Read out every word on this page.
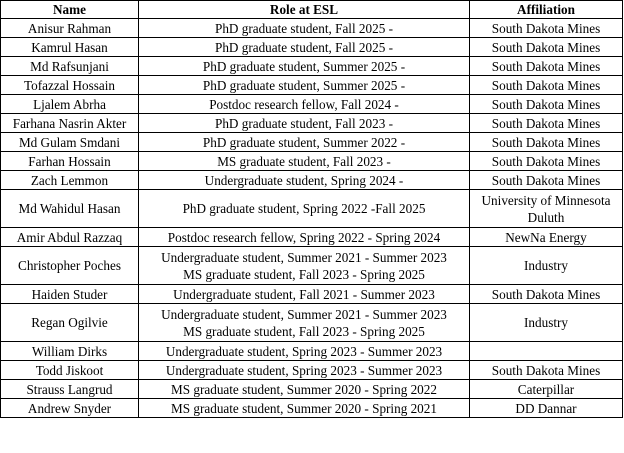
Name	Role at ESL	Affiliation
Anisur Rahman	PhD graduate student, Fall 2025 -	South Dakota Mines

Kamrul Hasan	PhD graduate student, Fall 2025 -	South Dakota Mines

Md Rafsunjani	PhD graduate student, Summer 2025 -	South Dakota Mines

Tofazzal Hossain	PhD graduate student, Summer 2025 -	South Dakota Mines

Ljalem Abrha	Postdoc research fellow, Fall 2024 -	South Dakota Mines

Farhana Nasrin Akter	PhD graduate student, Fall 2023 -	South Dakota Mines

Md Gulam Smdani	PhD graduate student, Summer 2022 -	South Dakota Mines

Farhan Hossain	MS graduate student, Fall 2023 -	South Dakota Mines

Zach Lemmon	Undergraduate student, Spring 2024 -	South Dakota Mines

Md Wahidul Hasan	PhD graduate student, Spring 2022 -Fall 2025	University of Minnesota
Duluth

Amir Abdul Razzaq	Postdoc research fellow, Spring 2022 - Spring 2024	NewNa Energy

Christopher Poches	Undergraduate student, Summer 2021 - Summer 2023
MS graduate student, Fall 2023 - Spring 2025	Industry

Haiden Studer	Undergraduate student, Fall 2021 - Summer 2023	South Dakota Mines

Regan Ogilvie	Undergraduate student, Summer 2021 - Summer 2023
MS graduate student, Fall 2023 - Spring 2025	Industry

William Dirks	Undergraduate student, Spring 2023 - Summer 2023	

Todd Jiskoot	Undergraduate student, Spring 2023 - Summer 2023	South Dakota Mines

Strauss Langrud	MS graduate student, Summer 2020 - Spring 2022	Caterpillar

Andrew Snyder	MS graduate student, Summer 2020 - Spring 2021	DD Dannar
